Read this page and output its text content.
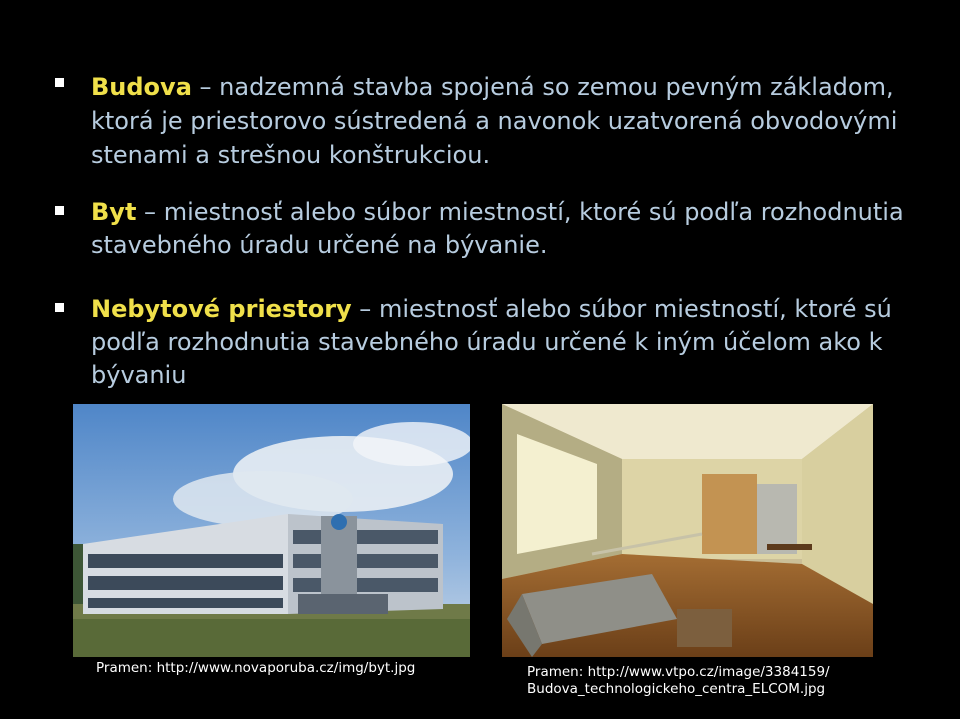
Budova – nadzemná stavba spojená so zemou pevným základom, ktorá je priestorovo sústredená a navonok uzatvorená obvodovými stenami a strešnou konštrukciou.
Byt – miestnosť alebo súbor miestností, ktoré sú podľa rozhodnutia stavebného úradu určené na bývanie.
Nebytové priestory – miestnosť alebo súbor miestností, ktoré sú podľa rozhodnutia stavebného úradu určené k iným účelom ako k bývaniu
Pramen: http://www.novaporuba.cz/img/byt.jpg	Pramen: http://www.vtpo.cz/image/3384159/
Budova_technologickeho_centra_ELCOM.jpg
